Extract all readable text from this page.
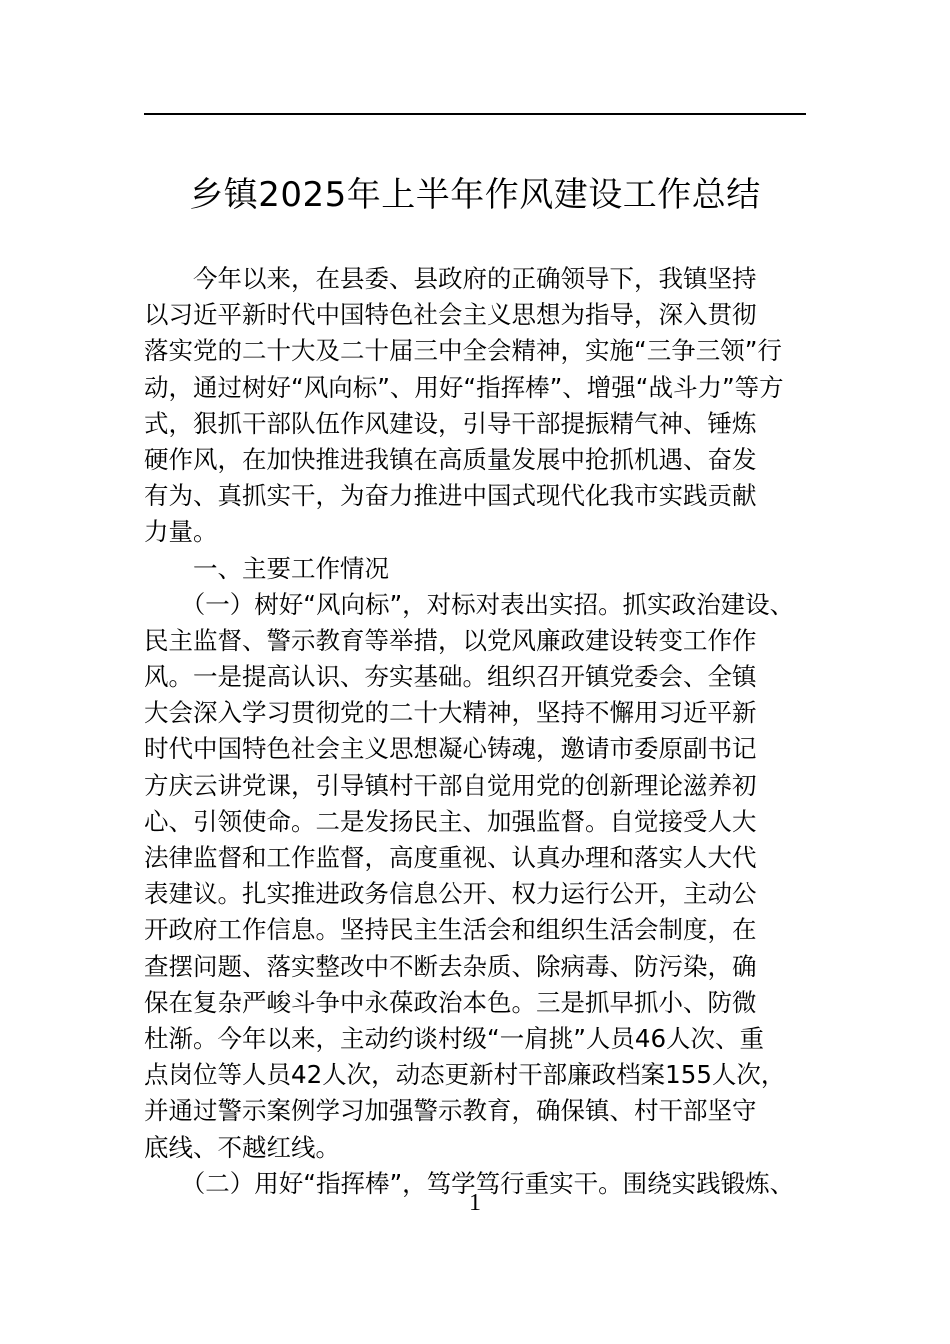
乡镇2025年上半年作风建设工作总结
　　今年以来，在县委、县政府的正确领导下，我镇坚持
以习近平新时代中国特色社会主义思想为指导，深入贯彻
落实党的二十大及二十届三中全会精神，实施“三争三领”行
动，通过树好“风向标”、用好“指挥棒”、增强“战斗力”等方
式，狠抓干部队伍作风建设，引导干部提振精气神、锤炼
硬作风，在加快推进我镇在高质量发展中抢抓机遇、奋发
有为、真抓实干，为奋力推进中国式现代化我市实践贡献
力量。
　　一、主要工作情况
　　（一）树好“风向标”，对标对表出实招。抓实政治建设、
民主监督、警示教育等举措，以党风廉政建设转变工作作
风。一是提高认识、夯实基础。组织召开镇党委会、全镇
大会深入学习贯彻党的二十大精神，坚持不懈用习近平新
时代中国特色社会主义思想凝心铸魂，邀请市委原副书记
方庆云讲党课，引导镇村干部自觉用党的创新理论滋养初
心、引领使命。二是发扬民主、加强监督。自觉接受人大
法律监督和工作监督，高度重视、认真办理和落实人大代
表建议。扎实推进政务信息公开、权力运行公开，主动公
开政府工作信息。坚持民主生活会和组织生活会制度，在
查摆问题、落实整改中不断去杂质、除病毒、防污染，确
保在复杂严峻斗争中永葆政治本色。三是抓早抓小、防微
杜渐。今年以来，主动约谈村级“一肩挑”人员46人次、重
点岗位等人员42人次，动态更新村干部廉政档案155人次，
并通过警示案例学习加强警示教育，确保镇、村干部坚守
底线、不越红线。
　　（二）用好“指挥棒”，笃学笃行重实干。围绕实践锻炼、
1
